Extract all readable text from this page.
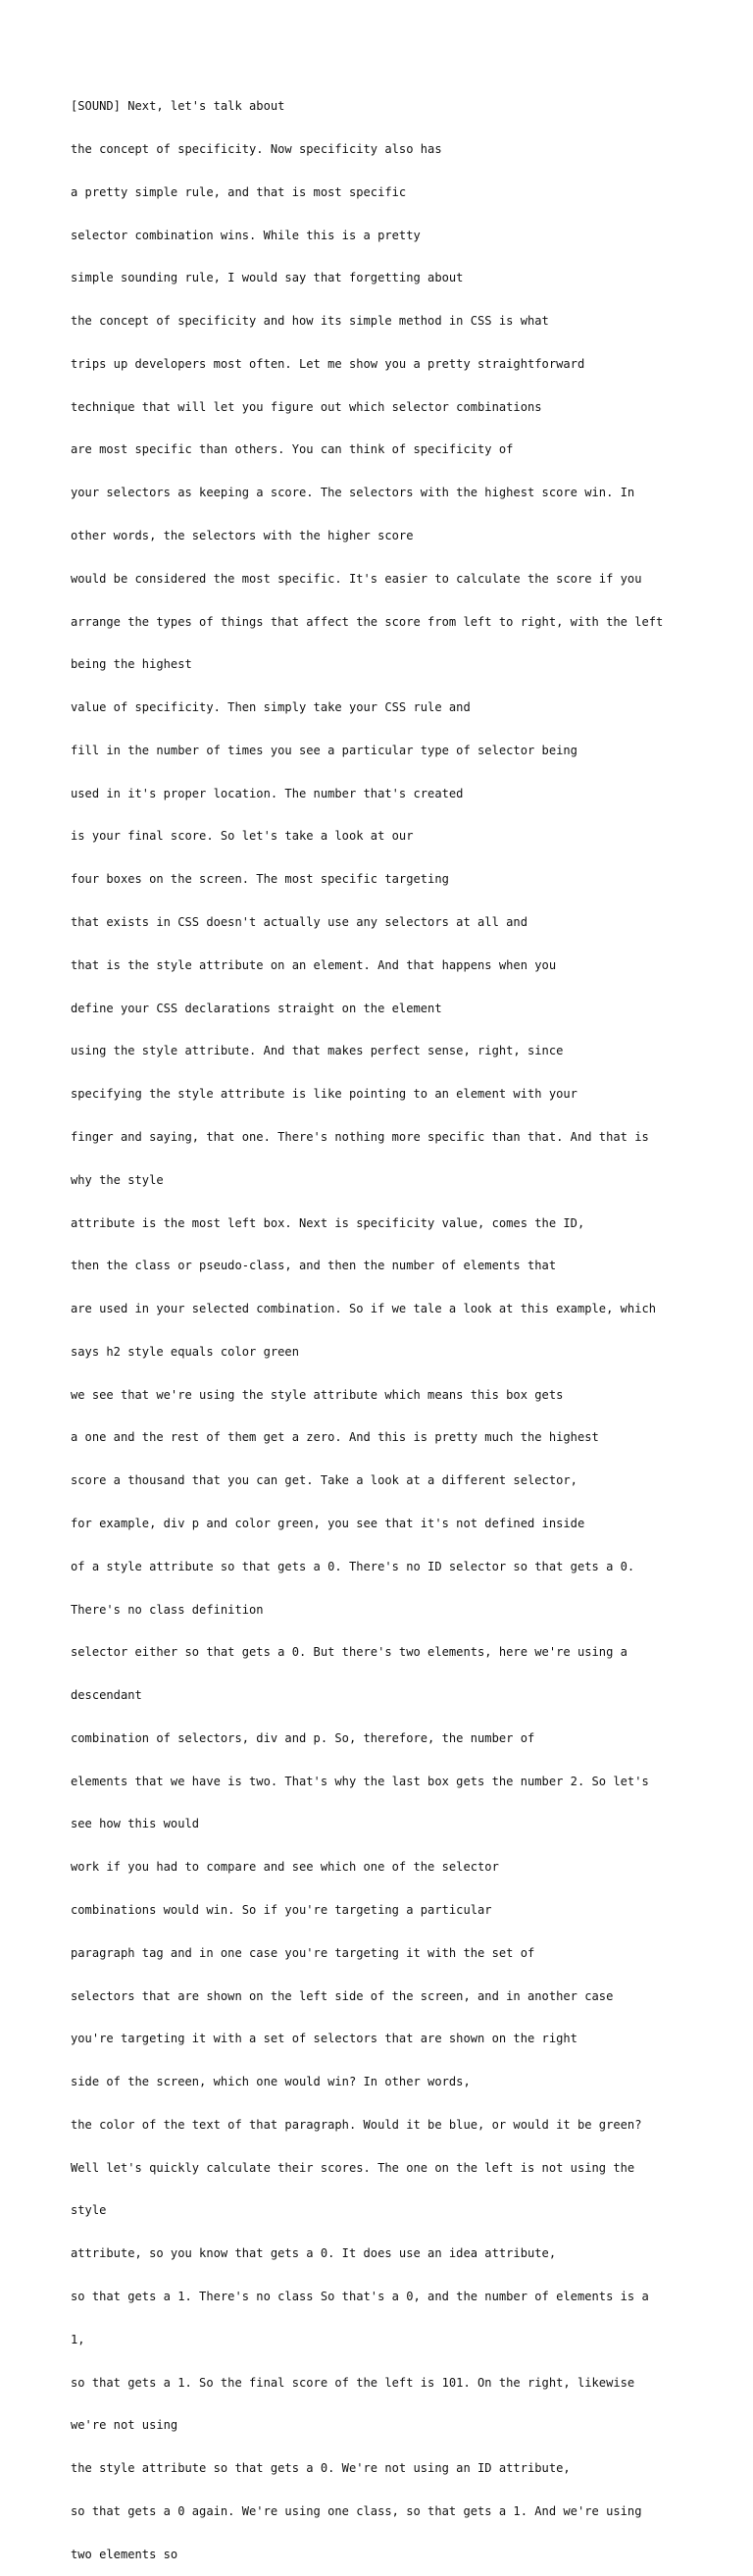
[SOUND] Next, let's talk about

the concept of specificity. Now specificity also has

a pretty simple rule, and that is most specific

selector combination wins. While this is a pretty

simple sounding rule, I would say that forgetting about

the concept of specificity and how its simple method in CSS is what

trips up developers most often. Let me show you a pretty straightforward

technique that will let you figure out which selector combinations

are most specific than others. You can think of specificity of

your selectors as keeping a score. The selectors with the highest score win. In

other words, the selectors with the higher score

would be considered the most specific. It's easier to calculate the score if you

arrange the types of things that affect the score from left to right, with the left

being the highest

value of specificity. Then simply take your CSS rule and

fill in the number of times you see a particular type of selector being

used in it's proper location. The number that's created

is your final score. So let's take a look at our

four boxes on the screen. The most specific targeting

that exists in CSS doesn't actually use any selectors at all and

that is the style attribute on an element. And that happens when you

define your CSS declarations straight on the element

using the style attribute. And that makes perfect sense, right, since

specifying the style attribute is like pointing to an element with your

finger and saying, that one. There's nothing more specific than that. And that is

why the style

attribute is the most left box. Next is specificity value, comes the ID,

then the class or pseudo-class, and then the number of elements that

are used in your selected combination. So if we tale a look at this example, which

says h2 style equals color green

we see that we're using the style attribute which means this box gets

a one and the rest of them get a zero. And this is pretty much the highest

score a thousand that you can get. Take a look at a different selector,

for example, div p and color green, you see that it's not defined inside

of a style attribute so that gets a 0. There's no ID selector so that gets a 0.

There's no class definition

selector either so that gets a 0. But there's two elements, here we're using a

descendant

combination of selectors, div and p. So, therefore, the number of

elements that we have is two. That's why the last box gets the number 2. So let's

see how this would

work if you had to compare and see which one of the selector

combinations would win. So if you're targeting a particular

paragraph tag and in one case you're targeting it with the set of

selectors that are shown on the left side of the screen, and in another case

you're targeting it with a set of selectors that are shown on the right

side of the screen, which one would win? In other words,

the color of the text of that paragraph. Would it be blue, or would it be green?

Well let's quickly calculate their scores. The one on the left is not using the

style

attribute, so you know that gets a 0. It does use an idea attribute,

so that gets a 1. There's no class So that's a 0, and the number of elements is a

1,

so that gets a 1. So the final score of the left is 101. On the right, likewise

we're not using

the style attribute so that gets a 0. We're not using an ID attribute,

so that gets a 0 again. We're using one class, so that gets a 1. And we're using

two elements so
